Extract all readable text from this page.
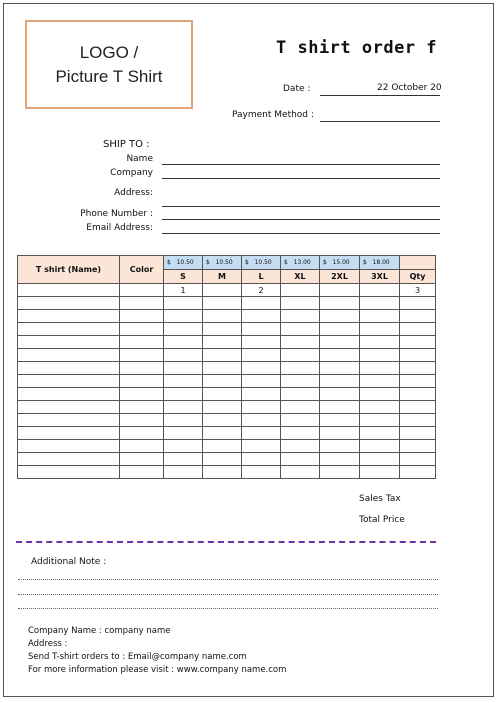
LOGO /
Picture T Shirt
T shirt order f
Date :	22 October 20
Payment Method :
SHIP TO :
Name
Company
Address:
Phone Number :
Email Address:
T shirt (Name)	Color	$ 10.50	$ 10.50	$ 10.50	$ 13.00	$ 15.00	$ 18.00	
		S	M	L	XL	2XL	3XL	Qty
		1		2				3

Sales Tax
Total Price
Additional Note :
Company Name : company name
Address :
Send T-shirt orders to : Email@company name.com
For more information please visit : www.company name.com
